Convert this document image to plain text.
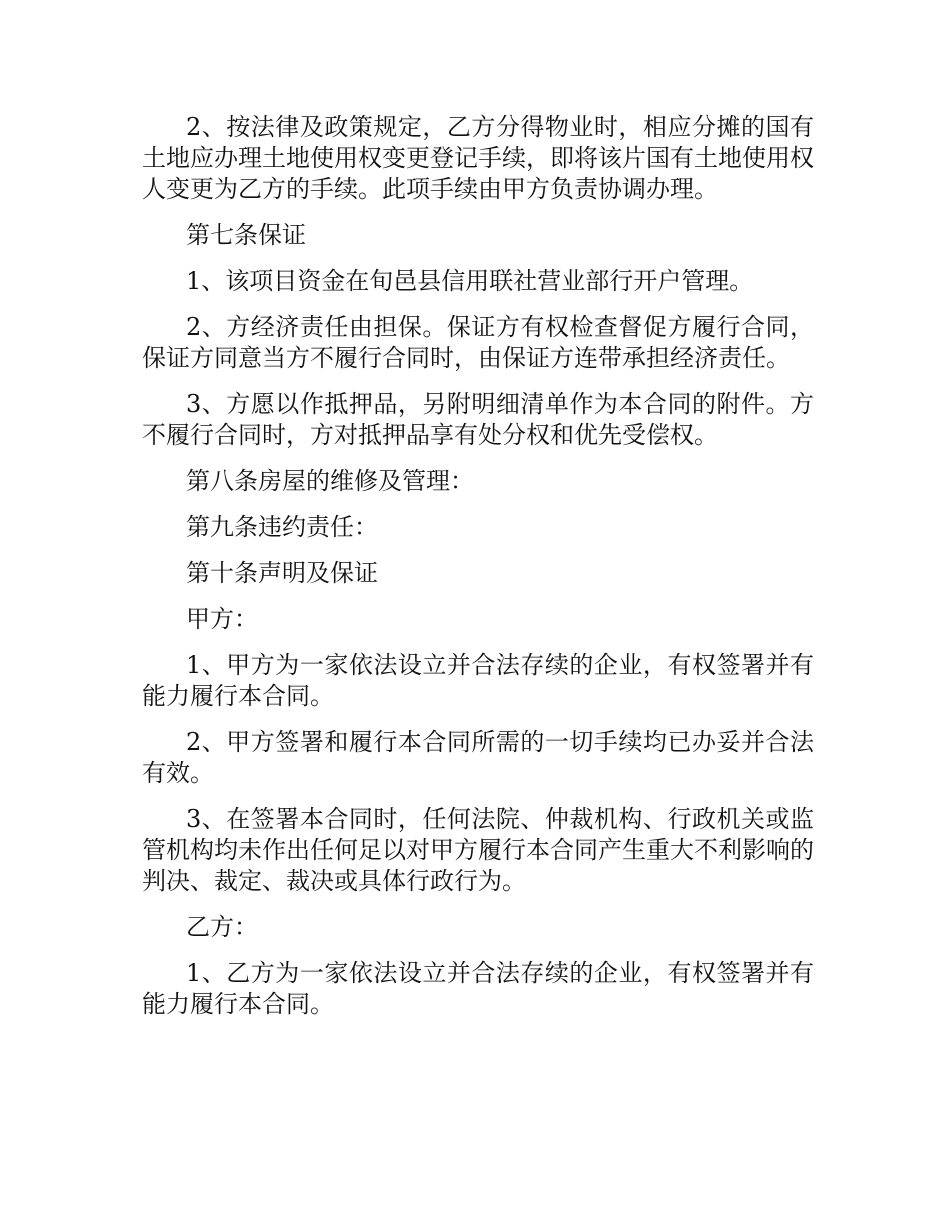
2、按法律及政策规定，乙方分得物业时，相应分摊的国有土地应办理土地使用权变更登记手续，即将该片国有土地使用权人变更为乙方的手续。此项手续由甲方负责协调办理。

第七条保证

1、该项目资金在旬邑县信用联社营业部行开户管理。

2、方经济责任由担保。保证方有权检查督促方履行合同，保证方同意当方不履行合同时，由保证方连带承担经济责任。

3、方愿以作抵押品，另附明细清单作为本合同的附件。方不履行合同时，方对抵押品享有处分权和优先受偿权。

第八条房屋的维修及管理：

第九条违约责任：

第十条声明及保证

甲方：

1、甲方为一家依法设立并合法存续的企业，有权签署并有能力履行本合同。

2、甲方签署和履行本合同所需的一切手续均已办妥并合法有效。

3、在签署本合同时，任何法院、仲裁机构、行政机关或监管机构均未作出任何足以对甲方履行本合同产生重大不利影响的判决、裁定、裁决或具体行政行为。

乙方：

1、乙方为一家依法设立并合法存续的企业，有权签署并有能力履行本合同。
